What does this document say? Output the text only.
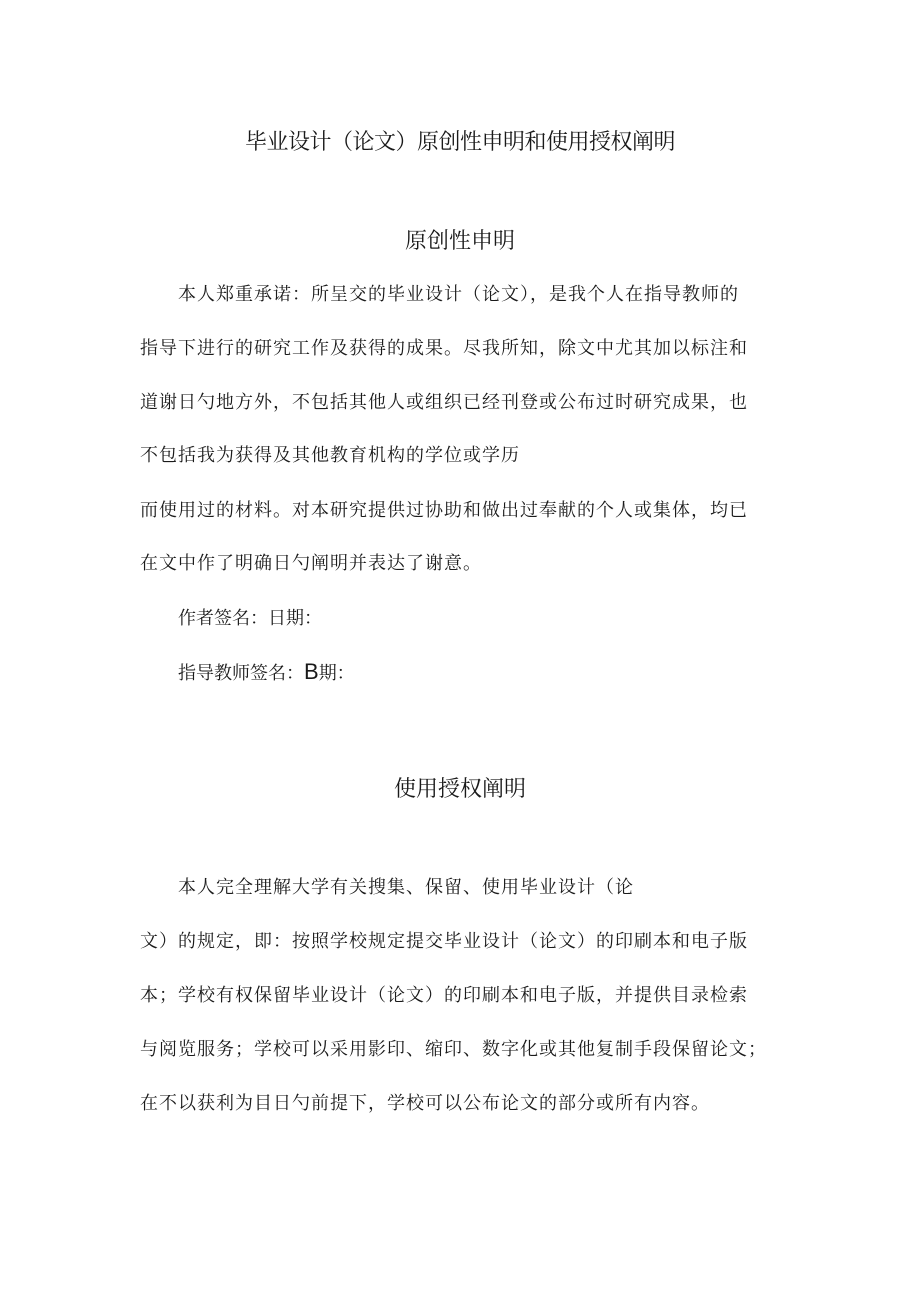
毕业设计（论文）原创性申明和使用授权阐明
原创性申明

本人郑重承诺：所呈交的毕业设计（论文），是我个人在指导教师的

指导下进行的研究工作及获得的成果。尽我所知，除文中尤其加以标注和

道谢日勺地方外，不包括其他人或组织已经刊登或公布过时研究成果，也

不包括我为获得及其他教育机构的学位或学历

而使用过的材料。对本研究提供过协助和做出过奉献的个人或集体，均已

在文中作了明确日勺阐明并表达了谢意。

作者签名：日期：

指导教师签名：B期：

使用授权阐明

本人完全理解大学有关搜集、保留、使用毕业设计（论

文）的规定，即：按照学校规定提交毕业设计（论文）的印刷本和电子版

本；学校有权保留毕业设计（论文）的印刷本和电子版，并提供目录检索

与阅览服务；学校可以采用影印、缩印、数字化或其他复制手段保留论文；

在不以获利为目日勺前提下，学校可以公布论文的部分或所有内容。
